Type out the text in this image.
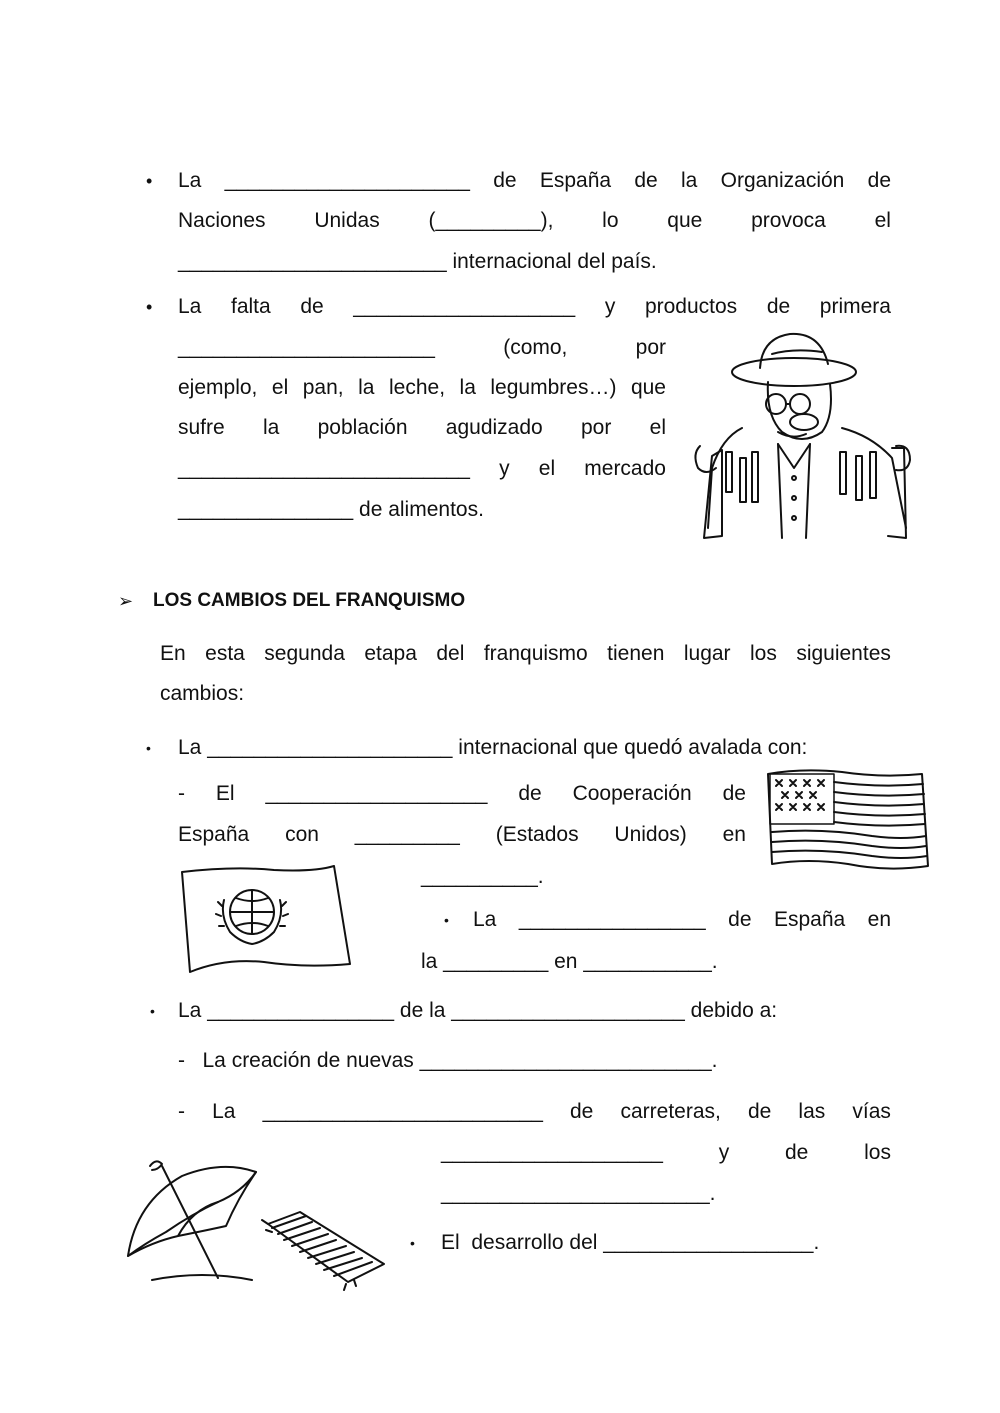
• La _____________________ de España de la Organización de
Naciones Unidas (_________), lo que provoca el
_______________________ internacional del país.
• La falta de ___________________ y productos de primera
______________________	(como,	por
ejemplo, el pan, la leche, la legumbres…) que
sufre la población agudizado por el
_________________________ y el mercado
_______________ de alimentos.
➢ LOS CAMBIOS DEL FRANQUISMO
En esta segunda etapa del franquismo tienen lugar los siguientes
cambios:
• La _____________________ internacional que quedó avalada con:
- El ___________________ de Cooperación de
España con _________ (Estados Unidos) en
__________.
• La ________________ de España en
la _________ en ___________.
• La ________________ de la ____________________ debido a:
-   La creación de nuevas _________________________.
- La ________________________ de carreteras, de las vías
___________________	y	de	los
_______________________.
• El  desarrollo del __________________.
